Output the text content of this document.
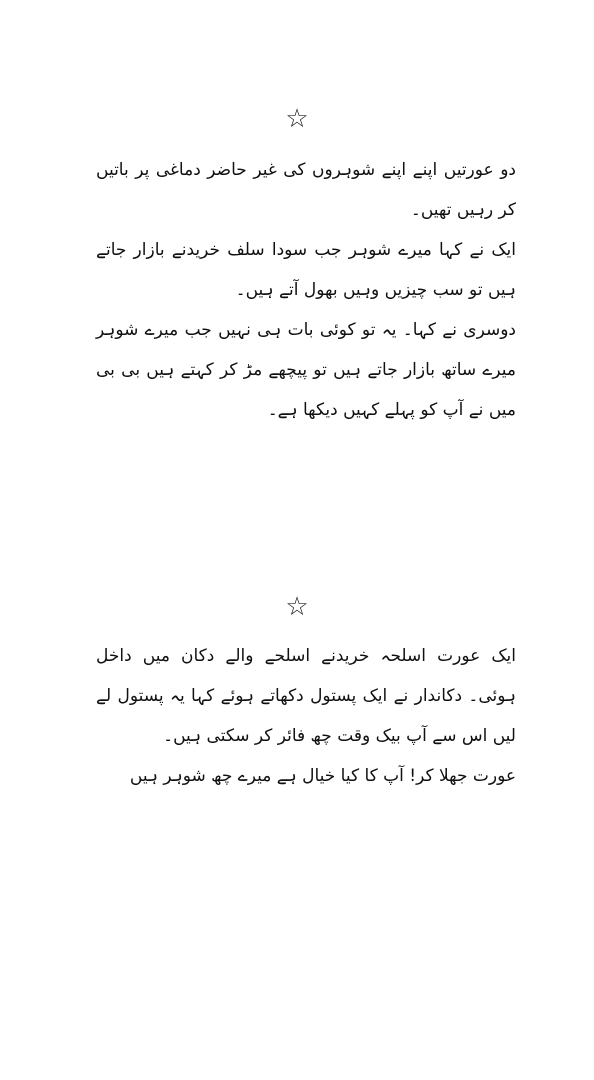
☆

دو عورتیں اپنے اپنے شوہروں کی غیر حاضر دماغی پر باتیں کر رہیں تھیں۔

ایک نے کہا میرے شوہر جب سودا سلف خریدنے بازار جاتے ہیں تو سب چیزیں وہیں بھول آتے ہیں۔

دوسری نے کہا۔ یہ تو کوئی بات ہی نہیں جب میرے شوہر میرے ساتھ بازار جاتے ہیں تو پیچھے مڑ کر کہتے ہیں بی بی میں نے آپ کو پہلے کہیں دیکھا ہے۔

☆

ایک عورت اسلحہ خریدنے اسلحے والے دکان میں داخل ہوئی۔ دکاندار نے ایک پستول دکھاتے ہوئے کہا یہ پستول لے لیں اس سے آپ بیک وقت چھ فائر کر سکتی ہیں۔

عورت جھلا کر! آپ کا کیا خیال ہے میرے چھ شوہر ہیں
